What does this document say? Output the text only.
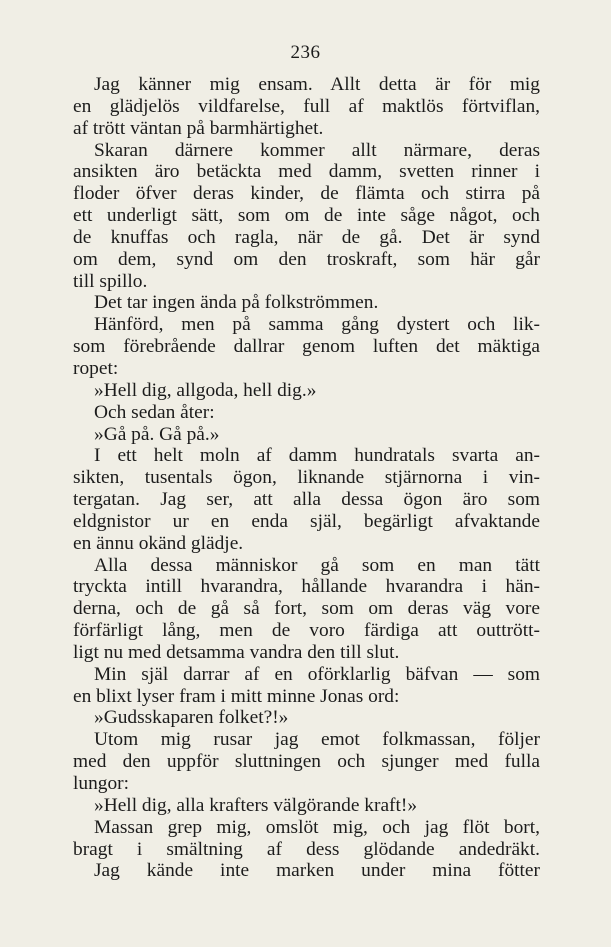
236
Jag känner mig ensam. Allt detta är för mig
en glädjelös vildfarelse, full af maktlös förtviflan,
af trött väntan på barmhärtighet.
Skaran därnere kommer allt närmare, deras
ansikten äro betäckta med damm, svetten rinner i
floder öfver deras kinder, de flämta och stirra på
ett underligt sätt, som om de inte såge något, och
de knuffas och ragla, när de gå. Det är synd
om dem, synd om den troskraft, som här går
till spillo.
Det tar ingen ända på folkströmmen.
Hänförd, men på samma gång dystert och lik-
som förebrående dallrar genom luften det mäktiga
ropet:
»Hell dig, allgoda, hell dig.»
Och sedan åter:
»Gå på. Gå på.»
I ett helt moln af damm hundratals svarta an-
sikten, tusentals ögon, liknande stjärnorna i vin-
tergatan. Jag ser, att alla dessa ögon äro som
eldgnistor ur en enda själ, begärligt afvaktande
en ännu okänd glädje.
Alla dessa människor gå som en man tätt
tryckta intill hvarandra, hållande hvarandra i hän-
derna, och de gå så fort, som om deras väg vore
förfärligt lång, men de voro färdiga att outtrött-
ligt nu med detsamma vandra den till slut.
Min själ darrar af en oförklarlig bäfvan — som
en blixt lyser fram i mitt minne Jonas ord:
»Gudsskaparen folket?!»
Utom mig rusar jag emot folkmassan, följer
med den uppför sluttningen och sjunger med fulla
lungor:
»Hell dig, alla krafters välgörande kraft!»
Massan grep mig, omslöt mig, och jag flöt bort,
bragt i smältning af dess glödande andedräkt.
Jag kände inte marken under mina fötter
